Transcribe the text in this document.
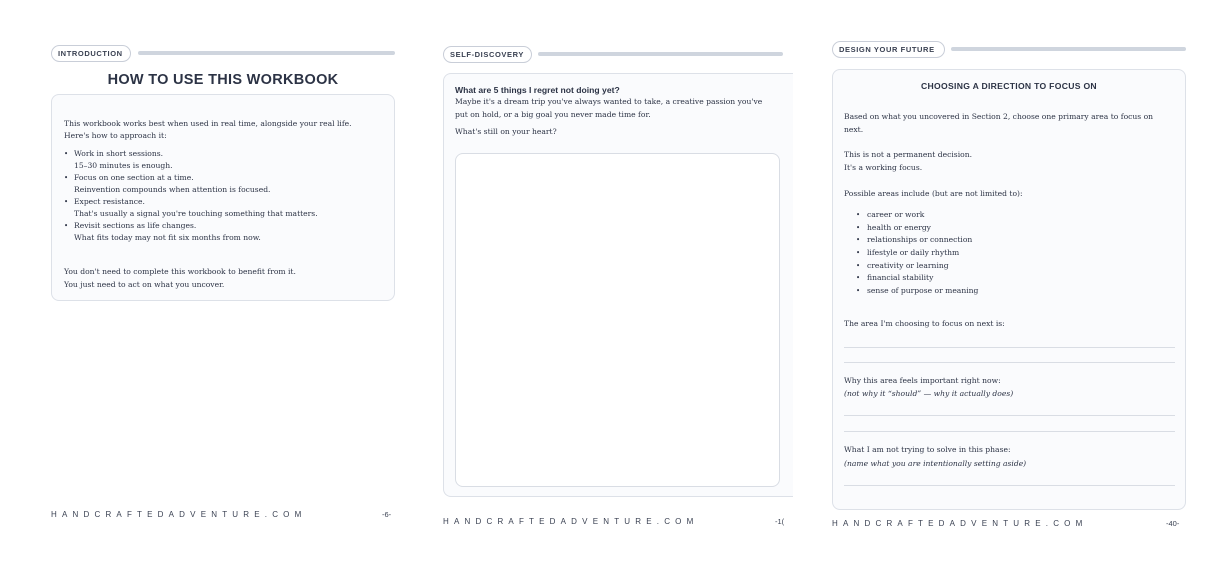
INTRODUCTION
HOW TO USE THIS WORKBOOK
This workbook works best when used in real time, alongside your real life.
Here's how to approach it:
• Work in short sessions.
15–30 minutes is enough.
• Focus on one section at a time.
Reinvention compounds when attention is focused.
• Expect resistance.
That's usually a signal you're touching something that matters.
• Revisit sections as life changes.
What fits today may not fit six months from now.
You don't need to complete this workbook to benefit from it.
You just need to act on what you uncover.
HANDCRAFTEDADVENTURE.COM	-6-
SELF-DISCOVERY
What are 5 things I regret not doing yet?
Maybe it's a dream trip you've always wanted to take, a creative passion you've
put on hold, or a big goal you never made time for.
What's still on your heart?
HANDCRAFTEDADVENTURE.COM	-1(
DESIGN YOUR FUTURE
CHOOSING A DIRECTION TO FOCUS ON
Based on what you uncovered in Section 2, choose one primary area to focus on
next.
This is not a permanent decision.
It's a working focus.
Possible areas include (but are not limited to):
• career or work
• health or energy
• relationships or connection
• lifestyle or daily rhythm
• creativity or learning
• financial stability
• sense of purpose or meaning
The area I'm choosing to focus on next is:
Why this area feels important right now:
(not why it “should” — why it actually does)
What I am not trying to solve in this phase:
(name what you are intentionally setting aside)
HANDCRAFTEDADVENTURE.COM	-40-
